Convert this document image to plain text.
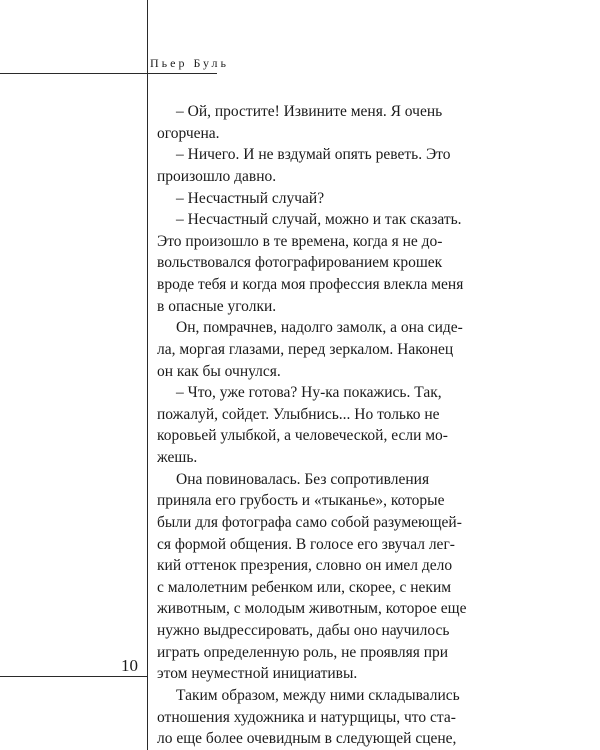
Пьер Буль
– Ой, простите! Извините меня. Я очень
огорчена.
– Ничего. И не вздумай опять реветь. Это
произошло давно.
– Несчастный случай?
– Несчастный случай, можно и так сказать.
Это произошло в те времена, когда я не до-
вольствовался фотографированием крошек
вроде тебя и когда моя профессия влекла меня
в опасные уголки.
Он, помрачнев, надолго замолк, а она сиде-
ла, моргая глазами, перед зеркалом. Наконец
он как бы очнулся.
– Что, уже готова? Ну-ка покажись. Так,
пожалуй, сойдет. Улыбнись... Но только не
коровьей улыбкой, а человеческой, если мо-
жешь.
Она повиновалась. Без сопротивления
приняла его грубость и «тыканье», которые
были для фотографа само собой разумеющей-
ся формой общения. В голосе его звучал лег-
кий оттенок презрения, словно он имел дело
с малолетним ребенком или, скорее, с неким
животным, с молодым животным, которое еще
нужно выдрессировать, дабы оно научилось
играть определенную роль, не проявляя при
этом неуместной инициативы.
Таким образом, между ними складывались
отношения художника и натурщицы, что ста-
ло еще более очевидным в следующей сцене,
10
